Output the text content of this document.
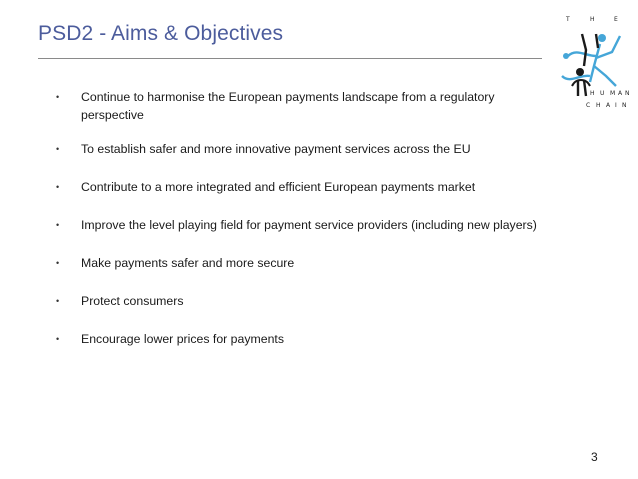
PSD2 - Aims & Objectives
T	H	E
H U M A N
C H A I N
• Continue to harmonise the European payments landscape from a regulatory perspective
• To establish safer and more innovative payment services across the EU
• Contribute to a more integrated and efficient European payments market
• Improve the level playing field for payment service providers (including new players)
• Make payments safer and more secure
• Protect consumers
• Encourage lower prices for payments
3
